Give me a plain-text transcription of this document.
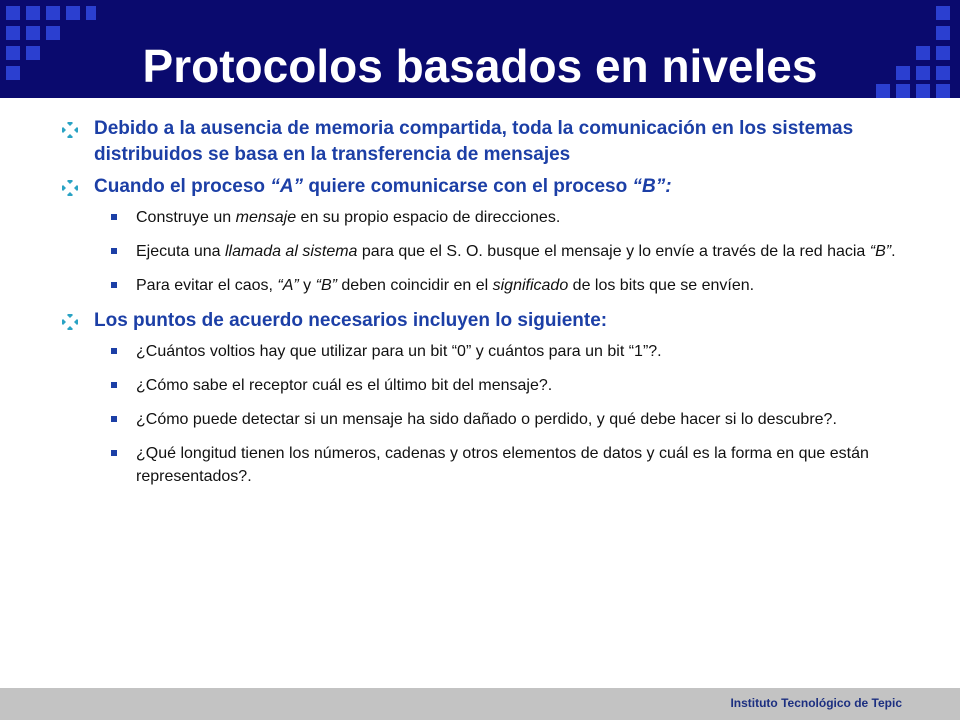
Protocolos basados en niveles
Debido a la ausencia de memoria compartida, toda la comunicación en los sistemas distribuidos se basa en la transferencia de mensajes
Cuando el proceso “A” quiere comunicarse con el proceso “B”:
Construye un mensaje en su propio espacio de direcciones.
Ejecuta una llamada al sistema para que el S. O. busque el mensaje y lo envíe a través de la red hacia “B”.
Para evitar el caos, “A” y “B” deben coincidir en el significado de los bits que se envíen.
Los puntos de acuerdo necesarios incluyen lo siguiente:
¿Cuántos voltios hay que utilizar para un bit “0” y cuántos para un bit “1”?.
¿Cómo sabe el receptor cuál es el último bit del mensaje?.
¿Cómo puede detectar si un mensaje ha sido dañado o perdido, y qué debe hacer si lo descubre?.
¿Qué longitud tienen los números, cadenas y otros elementos de datos y cuál es la forma en que están representados?.
Instituto Tecnológico de Tepic
